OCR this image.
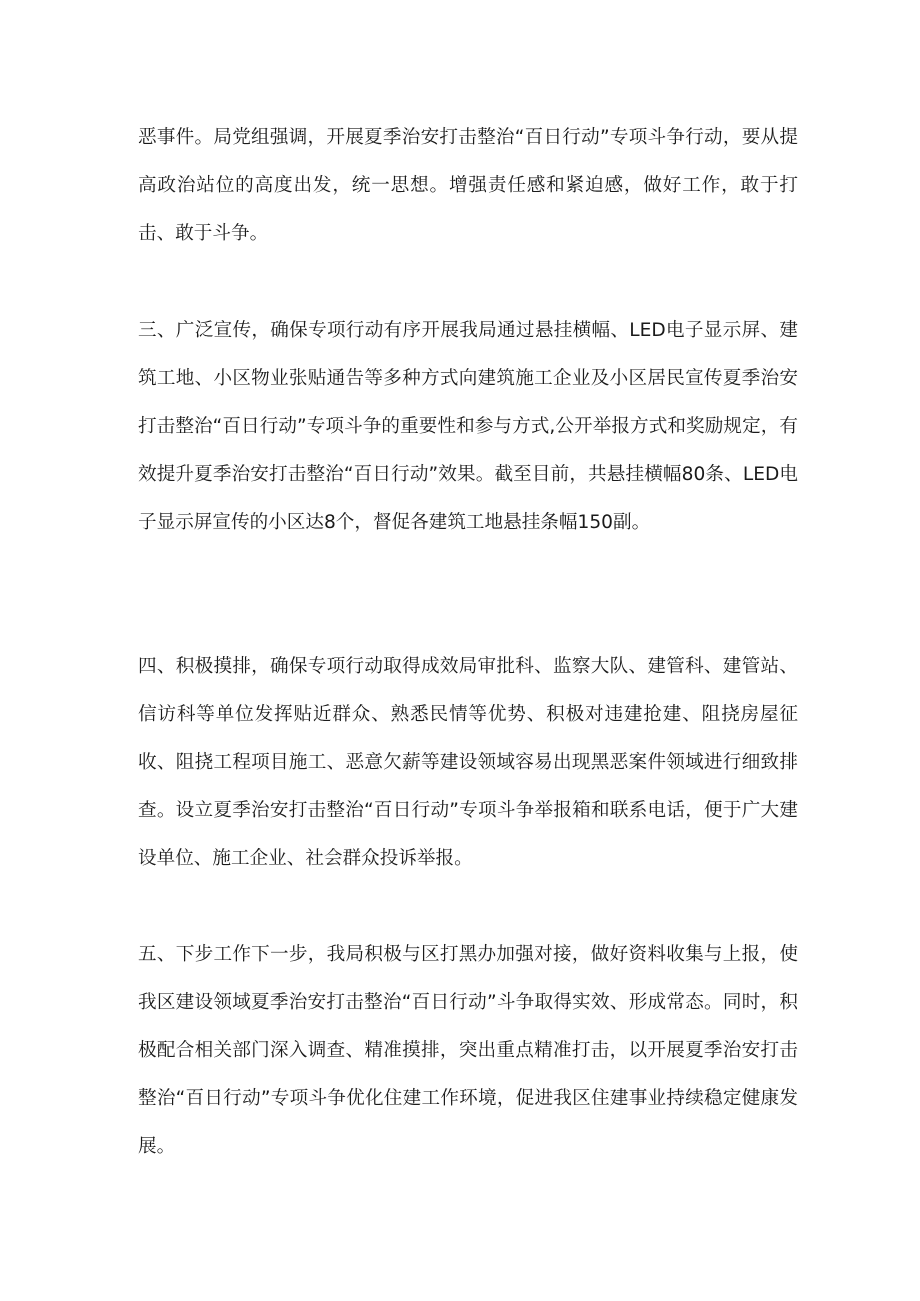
恶事件。局党组强调，开展夏季治安打击整治“百日行动”专项斗争行动，要从提高政治站位的高度出发，统一思想。增强责任感和紧迫感，做好工作，敢于打击、敢于斗争。

三、广泛宣传，确保专项行动有序开展我局通过悬挂横幅、LED电子显示屏、建筑工地、小区物业张贴通告等多种方式向建筑施工企业及小区居民宣传夏季治安打击整治“百日行动”专项斗争的重要性和参与方式,公开举报方式和奖励规定，有效提升夏季治安打击整治“百日行动”效果。截至目前，共悬挂横幅80条、LED电子显示屏宣传的小区达8个，督促各建筑工地悬挂条幅150副。

四、积极摸排，确保专项行动取得成效局审批科、监察大队、建管科、建管站、信访科等单位发挥贴近群众、熟悉民情等优势、积极对违建抢建、阻挠房屋征收、阻挠工程项目施工、恶意欠薪等建设领域容易出现黑恶案件领域进行细致排查。设立夏季治安打击整治“百日行动”专项斗争举报箱和联系电话，便于广大建设单位、施工企业、社会群众投诉举报。

五、下步工作下一步，我局积极与区打黑办加强对接，做好资料收集与上报，使我区建设领域夏季治安打击整治“百日行动”斗争取得实效、形成常态。同时，积极配合相关部门深入调查、精准摸排，突出重点精准打击，以开展夏季治安打击整治“百日行动”专项斗争优化住建工作环境，促进我区住建事业持续稳定健康发展。
